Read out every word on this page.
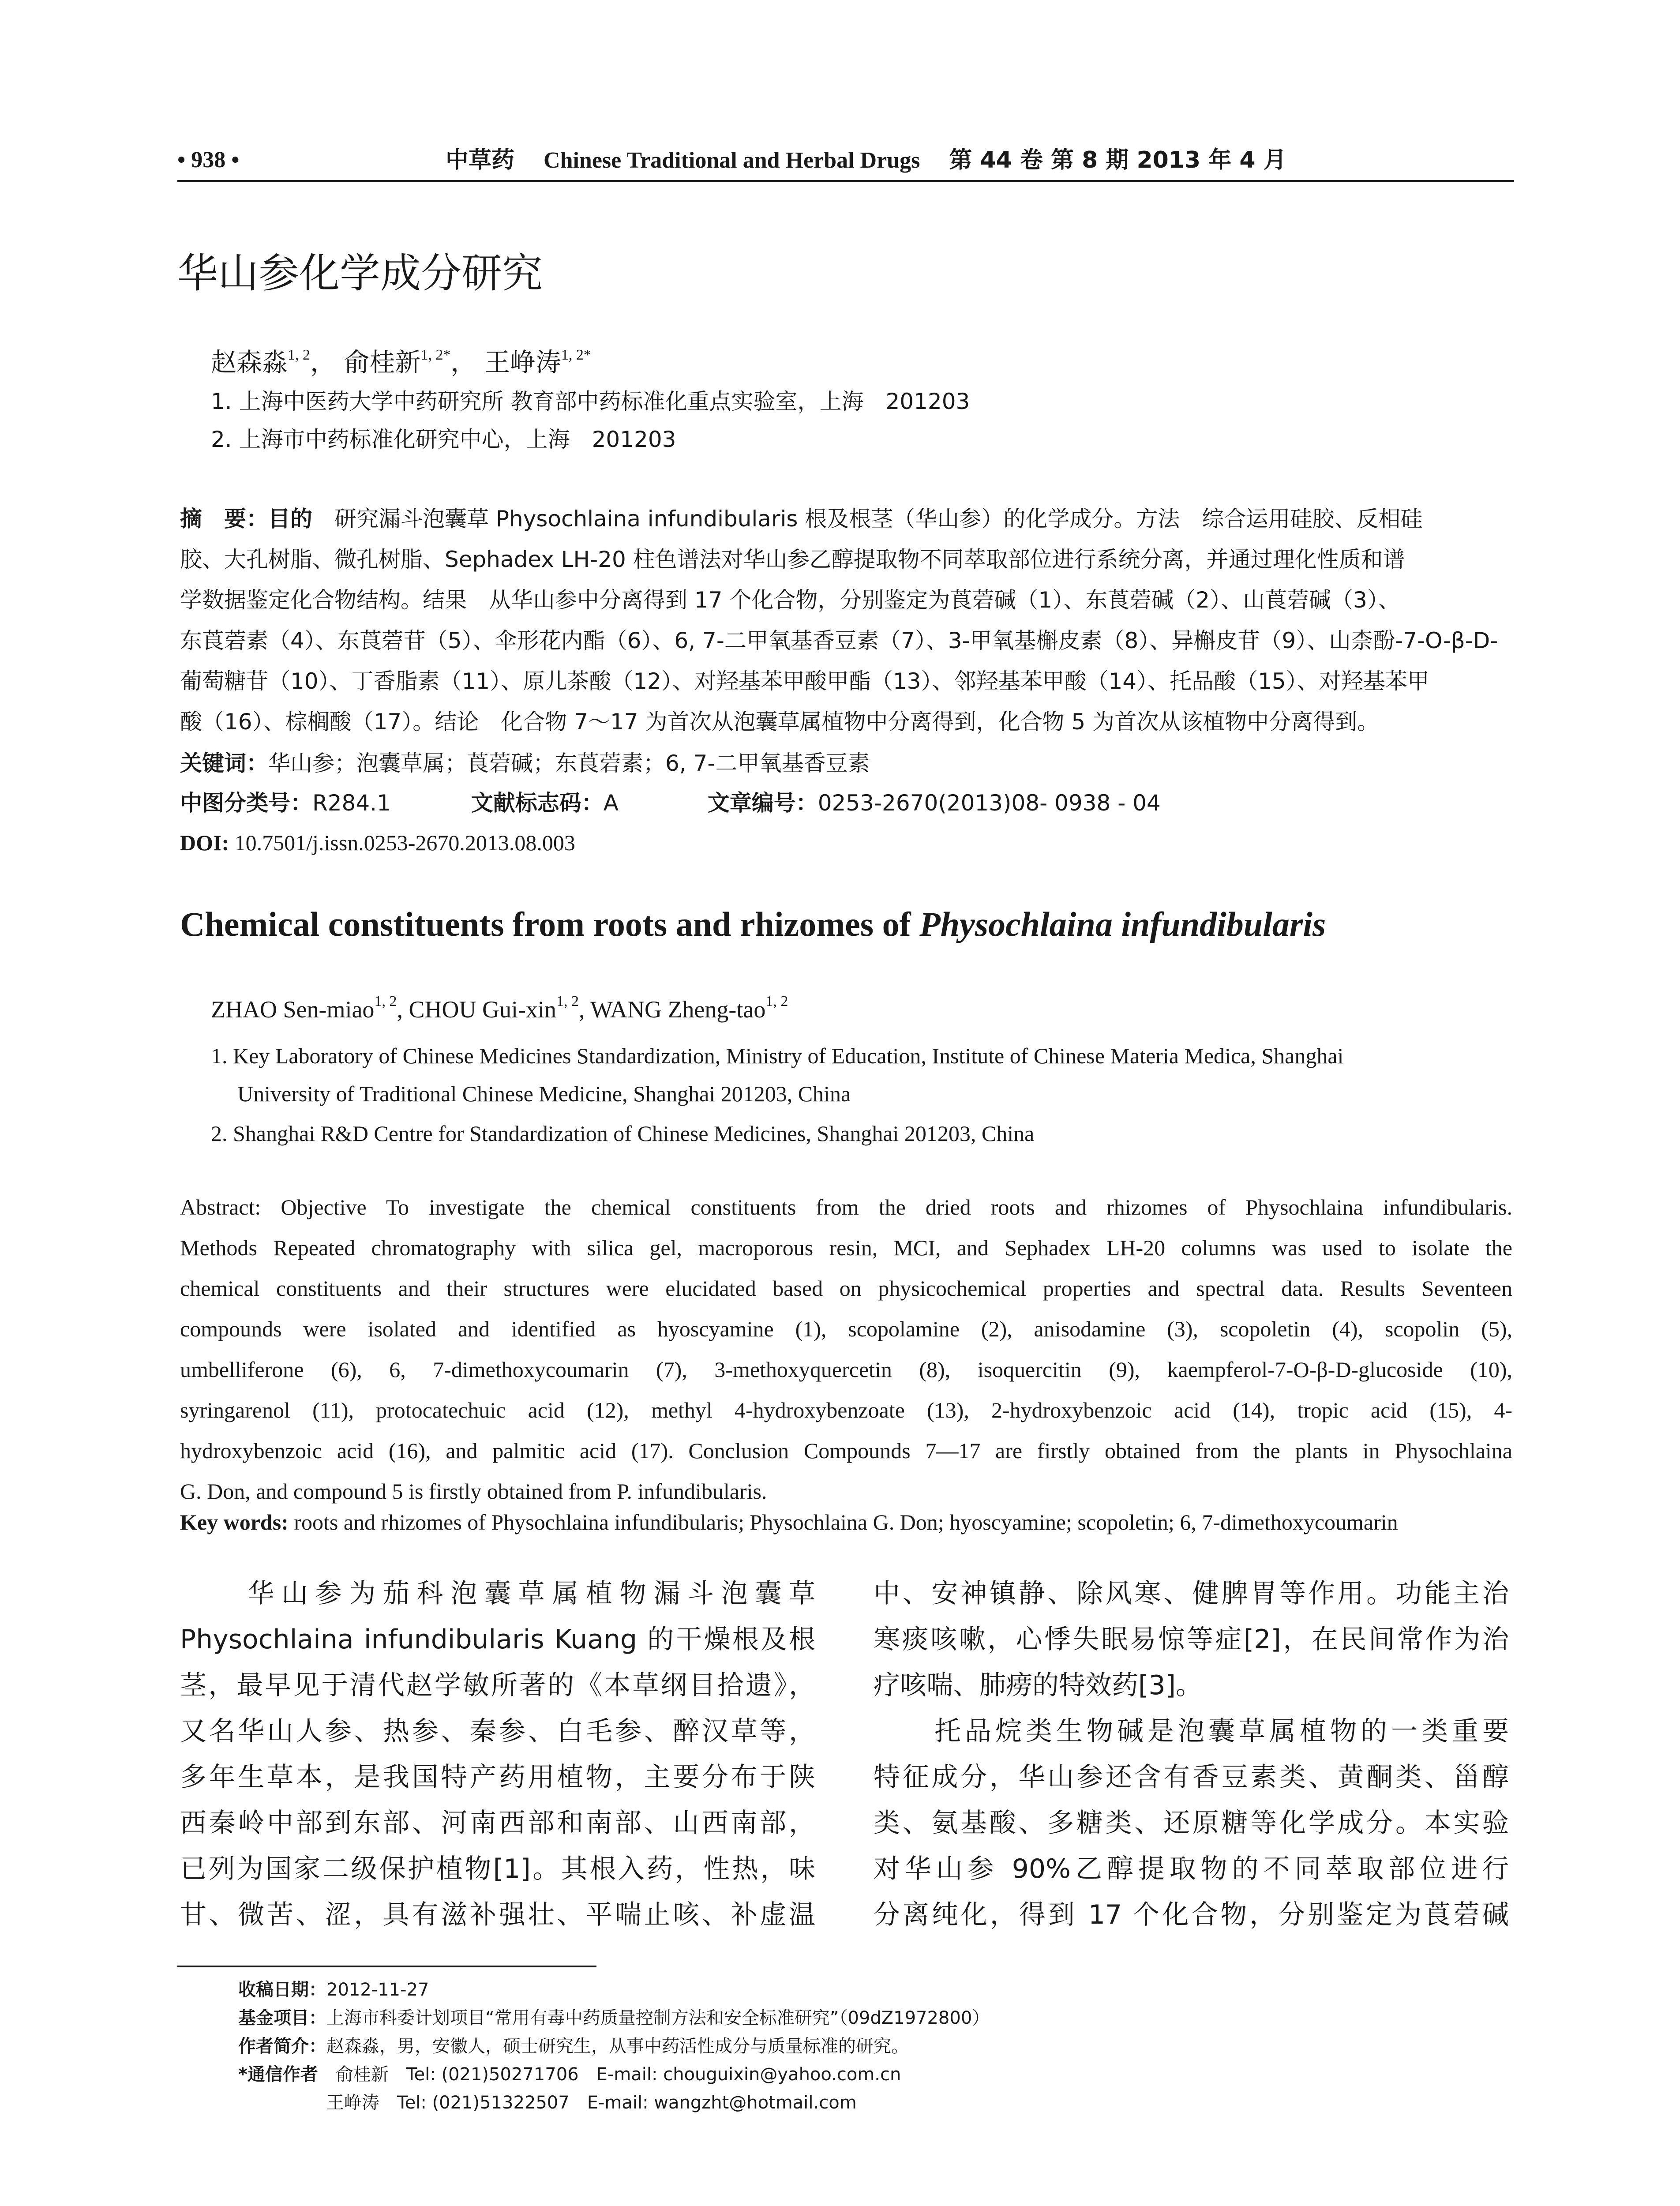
• 938 •	中草药 Chinese Traditional and Herbal Drugs 第 44 卷 第 8 期 2013 年 4 月
华山参化学成分研究
赵森淼$^{1, 2}$， 俞桂新$^{1, 2*}$， 王峥涛$^{1, 2*}$
1. 上海中医药大学中药研究所 教育部中药标准化重点实验室，上海　201203
2. 上海市中药标准化研究中心，上海　201203
摘　要：目的　研究漏斗泡囊草 Physochlaina infundibularis 根及根茎（华山参）的化学成分。方法　综合运用硅胶、反相硅
胶、大孔树脂、微孔树脂、Sephadex LH-20 柱色谱法对华山参乙醇提取物不同萃取部位进行系统分离，并通过理化性质和谱
学数据鉴定化合物结构。结果　从华山参中分离得到 17 个化合物，分别鉴定为莨菪碱（1）、东莨菪碱（2）、山莨菪碱（3）、
东莨菪素（4）、东莨菪苷（5）、伞形花内酯（6）、6, 7-二甲氧基香豆素（7）、3-甲氧基槲皮素（8）、异槲皮苷（9）、山柰酚-7-O-β-D-
葡萄糖苷（10）、丁香脂素（11）、原儿茶酸（12）、对羟基苯甲酸甲酯（13）、邻羟基苯甲酸（14）、托品酸（15）、对羟基苯甲
酸（16）、棕榈酸（17）。结论　化合物 7～17 为首次从泡囊草属植物中分离得到，化合物 5 为首次从该植物中分离得到。
关键词：华山参；泡囊草属；莨菪碱；东莨菪素；6, 7-二甲氧基香豆素
中图分类号：R284.1	文献标志码：A	文章编号：0253-2670(2013)08- 0938 - 04
DOI: 10.7501/j.issn.0253-2670.2013.08.003
Chemical constituents from roots and rhizomes of Physochlaina infundibularis
ZHAO Sen-miao$^{1, 2}$, CHOU Gui-xin$^{1, 2}$, WANG Zheng-tao$^{1, 2}$
1. Key Laboratory of Chinese Medicines Standardization, Ministry of Education, Institute of Chinese Materia Medica, Shanghai
University of Traditional Chinese Medicine, Shanghai 201203, China
2. Shanghai R&D Centre for Standardization of Chinese Medicines, Shanghai 201203, China
Abstract: Objective To investigate the chemical constituents from the dried roots and rhizomes of Physochlaina infundibularis.
Methods Repeated chromatography with silica gel, macroporous resin, MCI, and Sephadex LH-20 columns was used to isolate the
chemical constituents and their structures were elucidated based on physicochemical properties and spectral data. Results Seventeen
compounds were isolated and identified as hyoscyamine (1), scopolamine (2), anisodamine (3), scopoletin (4), scopolin (5),
umbelliferone (6), 6, 7-dimethoxycoumarin (7), 3-methoxyquercetin (8), isoquercitin (9), kaempferol-7-O-β-D-glucoside (10),
syringarenol (11), protocatechuic acid (12), methyl 4-hydroxybenzoate (13), 2-hydroxybenzoic acid (14), tropic acid (15), 4-
hydroxybenzoic acid (16), and palmitic acid (17). Conclusion Compounds 7—17 are firstly obtained from the plants in Physochlaina
G. Don, and compound 5 is firstly obtained from P. infundibularis.
Key words: roots and rhizomes of Physochlaina infundibularis; Physochlaina G. Don; hyoscyamine; scopoletin; 6, 7-dimethoxycoumarin
　　华山参为茄科泡囊草属植物漏斗泡囊草
Physochlaina infundibularis Kuang 的干燥根及根
茎，最早见于清代赵学敏所著的《本草纲目拾遗》，
又名华山人参、热参、秦参、白毛参、醉汉草等，
多年生草本，是我国特产药用植物，主要分布于陕
西秦岭中部到东部、河南西部和南部、山西南部，
已列为国家二级保护植物[1]。其根入药，性热，味
甘、微苦、涩，具有滋补强壮、平喘止咳、补虚温
中、安神镇静、除风寒、健脾胃等作用。功能主治
寒痰咳嗽，心悸失眠易惊等症[2]，在民间常作为治
疗咳喘、肺痨的特效药[3]。
　　托品烷类生物碱是泡囊草属植物的一类重要
特征成分，华山参还含有香豆素类、黄酮类、甾醇
类、氨基酸、多糖类、还原糖等化学成分。本实验
对华山参 90%乙醇提取物的不同萃取部位进行
分离纯化，得到 17 个化合物，分别鉴定为莨菪碱
收稿日期：2012-11-27
基金项目：上海市科委计划项目“常用有毒中药质量控制方法和安全标准研究”（09dZ1972800）
作者简介：赵森淼，男，安徽人，硕士研究生，从事中药活性成分与质量标准的研究。
*通信作者　俞桂新　Tel: (021)50271706　E-mail: chouguixin@yahoo.com.cn
　　　　　王峥涛　Tel: (021)51322507　E-mail: wangzht@hotmail.com
